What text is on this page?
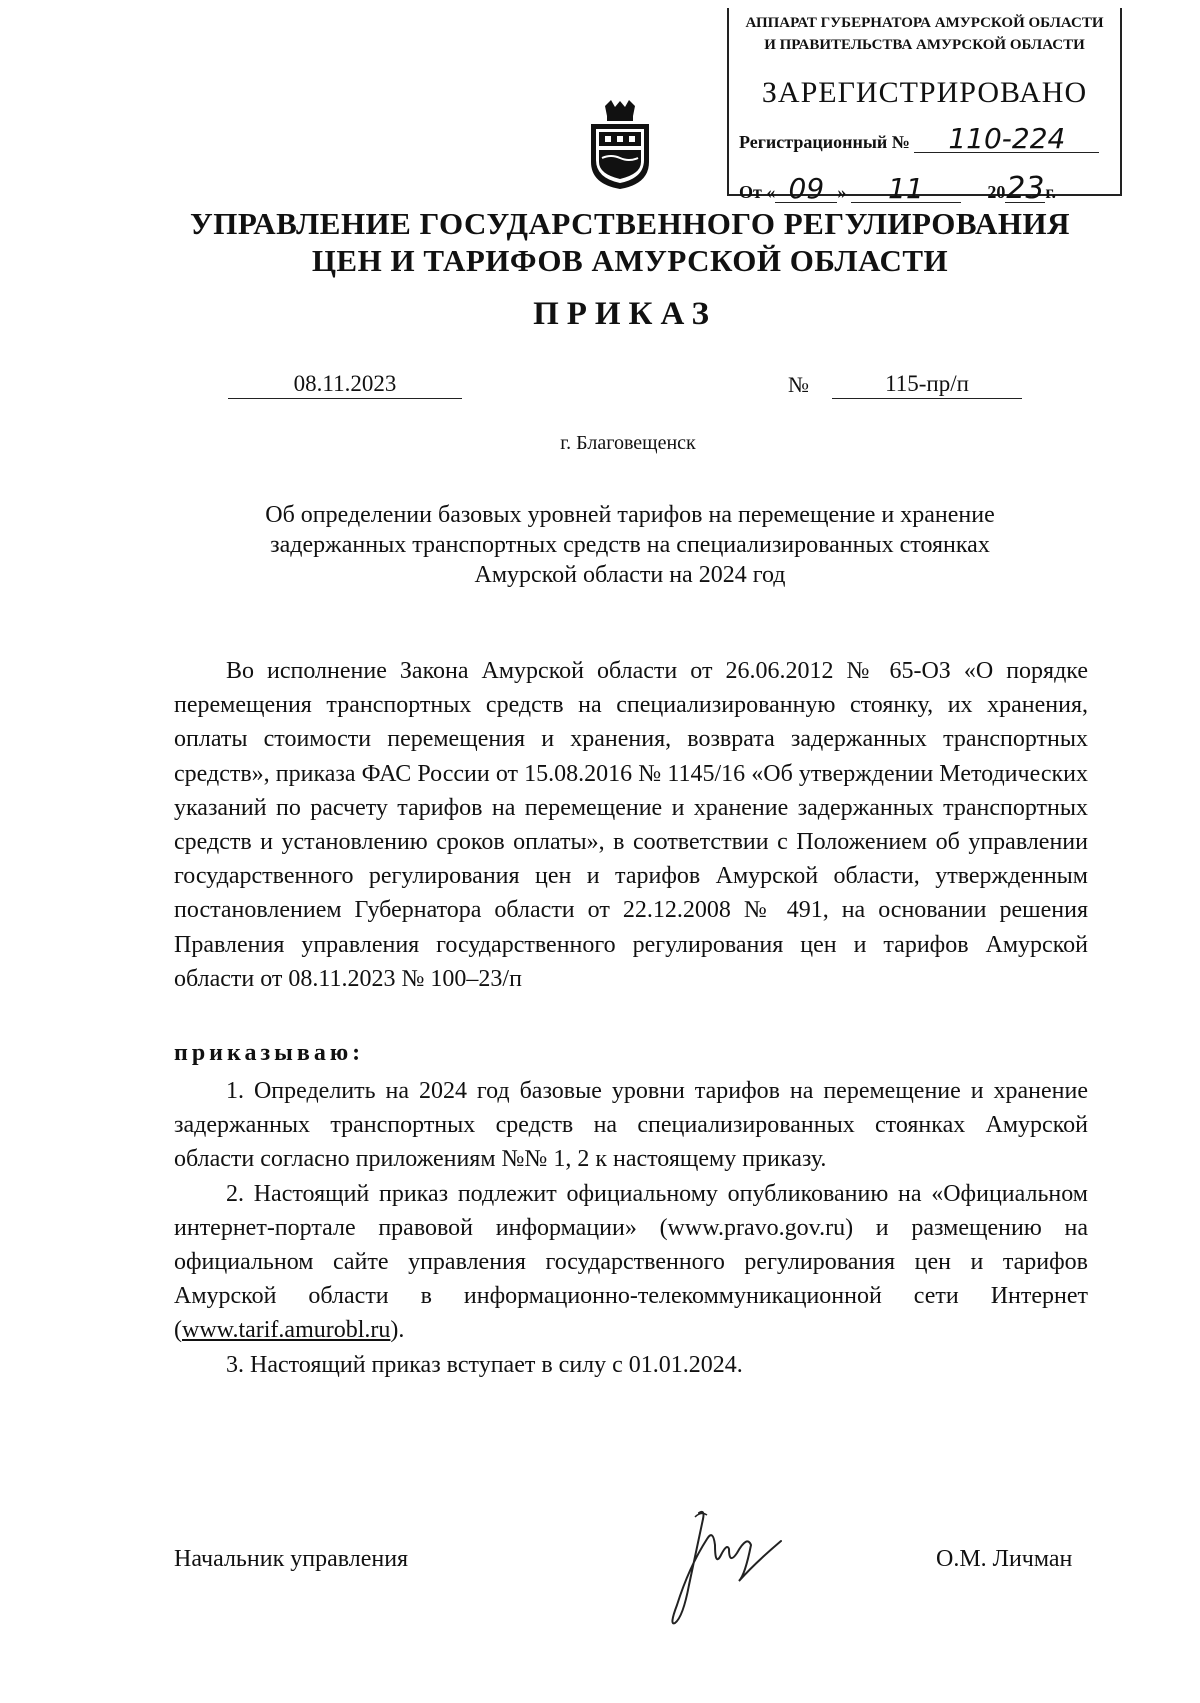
АППАРАТ ГУБЕРНАТОРА АМУРСКОЙ ОБЛАСТИ
И ПРАВИТЕЛЬСТВА АМУРСКОЙ ОБЛАСТИ
ЗАРЕГИСТРИРОВАНО
Регистрационный № 110-224
От « 09 » 11	2023г.
УПРАВЛЕНИЕ ГОСУДАРСТВЕННОГО РЕГУЛИРОВАНИЯ
ЦЕН И ТАРИФОВ АМУРСКОЙ ОБЛАСТИ
ПРИКАЗ
08.11.2023	№	115-пр/п
г. Благовещенск
Об определении базовых уровней тарифов на перемещение и хранение
задержанных транспортных средств на специализированных стоянках
Амурской области на 2024 год

Во исполнение Закона Амурской области от 26.06.2012 № 65-ОЗ «О порядке перемещения транспортных средств на специализированную стоянку, их хранения, оплаты стоимости перемещения и хранения, возврата задержанных транспортных средств», приказа ФАС России от 15.08.2016 № 1145/16 «Об утверждении Методических указаний по расчету тарифов на перемещение и хранение задержанных транспортных средств и установлению сроков оплаты», в соответствии с Положением об управлении государственного регулирования цен и тарифов Амурской области, утвержденным постановлением Губернатора области от 22.12.2008 № 491, на основании решения Правления управления государственного регулирования цен и тарифов Амурской области от 08.11.2023 № 100–23/п

приказываю:

1. Определить на 2024 год базовые уровни тарифов на перемещение и хранение задержанных транспортных средств на специализированных стоянках Амурской области согласно приложениям №№ 1, 2 к настоящему приказу.

2. Настоящий приказ подлежит официальному опубликованию на «Официальном интернет-портале правовой информации» (www.pravo.gov.ru) и размещению на официальном сайте управления государственного регулирования цен и тарифов Амурской области в информационно-телекоммуникационной сети Интернет (www.tarif.amurobl.ru).

3. Настоящий приказ вступает в силу с 01.01.2024.

Начальник управления	О.М. Личман
